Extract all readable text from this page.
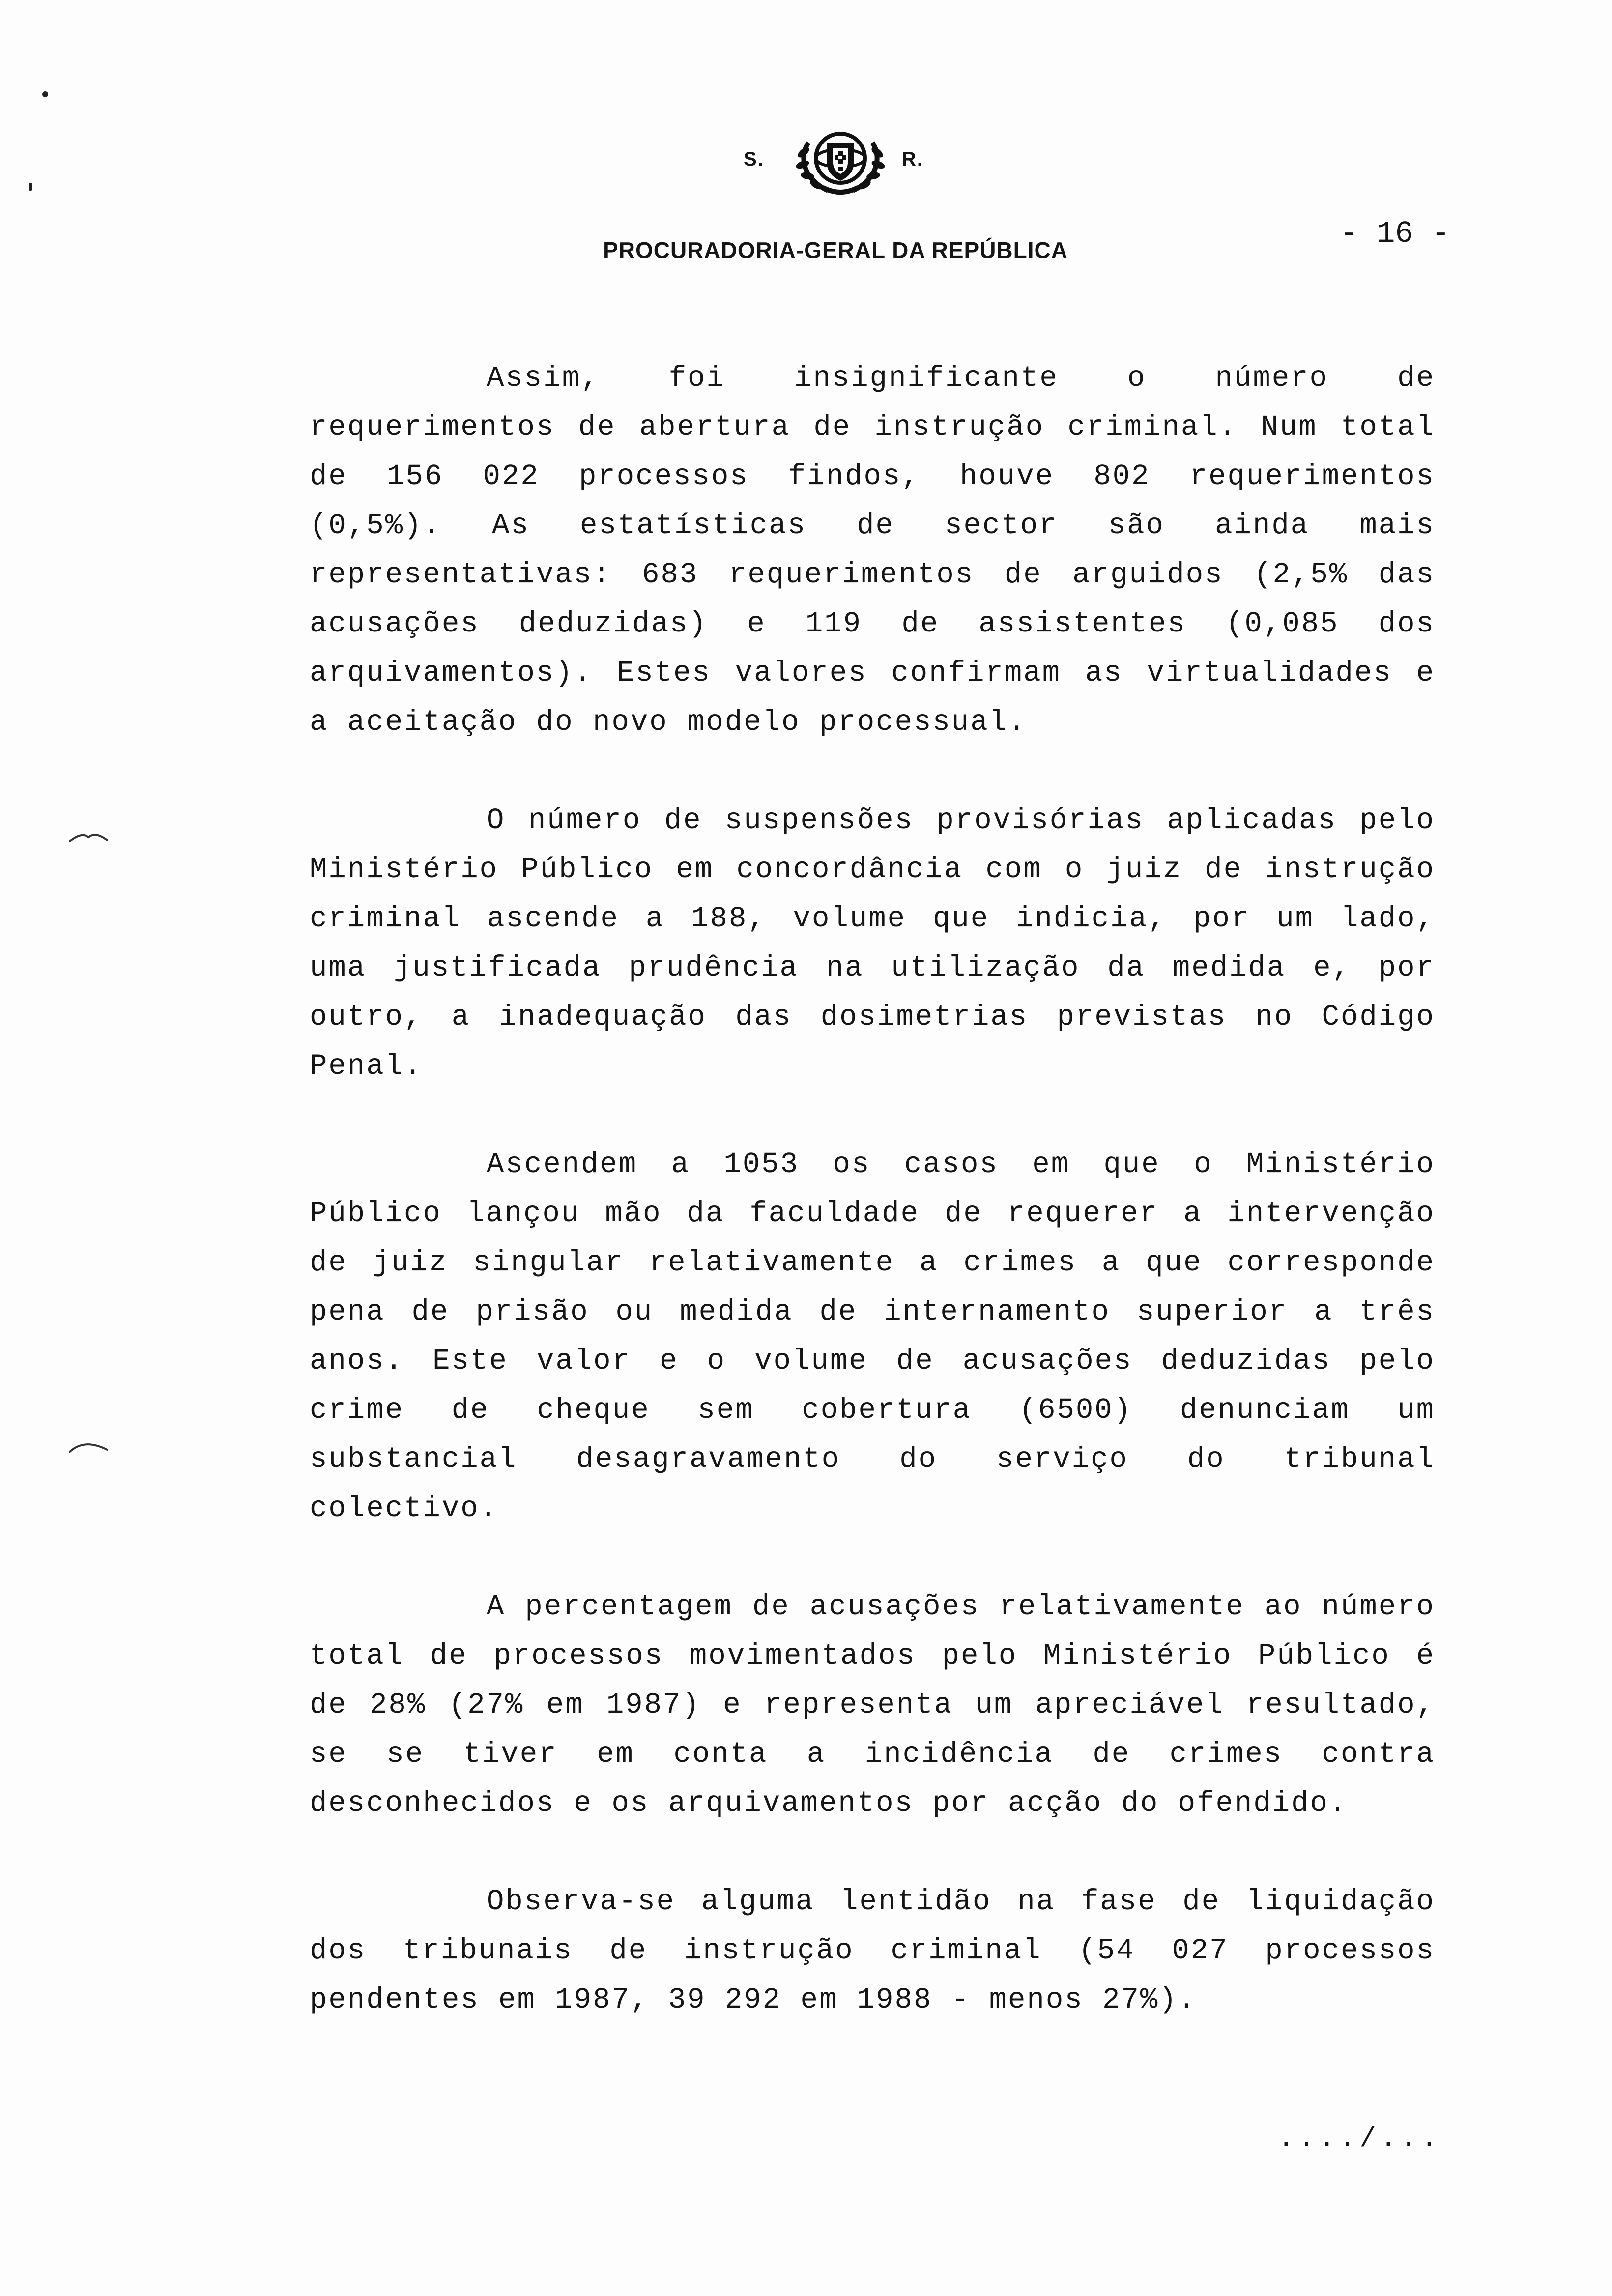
S.	R.
PROCURADORIA-GERAL DA REPÚBLICA	- 16 -

Assim, foi insignificante o número de requerimentos de abertura de instrução criminal. Num total de 156 022 processos findos, houve 802 requerimentos (0,5%). As estatísticas de sector são ainda mais representativas: 683 requerimentos de arguidos (2,5% das acusações deduzidas) e 119 de assistentes (0,085 dos arquivamentos). Estes valores confirmam as virtualidades e a aceitação do novo modelo processual.

O número de suspensões provisórias aplicadas pelo Ministério Público em concordância com o juiz de instrução criminal ascende a 188, volume que indicia, por um lado, uma justificada prudência na utilização da medida e, por outro, a inadequação das dosimetrias previstas no Código Penal.

Ascendem a 1053 os casos em que o Ministério Público lançou mão da faculdade de requerer a intervenção de juiz singular relativamente a crimes a que corresponde pena de prisão ou medida de internamento superior a três anos. Este valor e o volume de acusações deduzidas pelo crime de cheque sem cobertura (6500) denunciam um substancial desagravamento do serviço do tribunal colectivo.

A percentagem de acusações relativamente ao número total de processos movimentados pelo Ministério Público é de 28% (27% em 1987) e representa um apreciável resultado, se se tiver em conta a incidência de crimes contra desconhecidos e os arquivamentos por acção do ofendido.

Observa-se alguma lentidão na fase de liquidação dos tribunais de instrução criminal (54 027 processos pendentes em 1987, 39 292 em 1988 - menos 27%).

..../...
